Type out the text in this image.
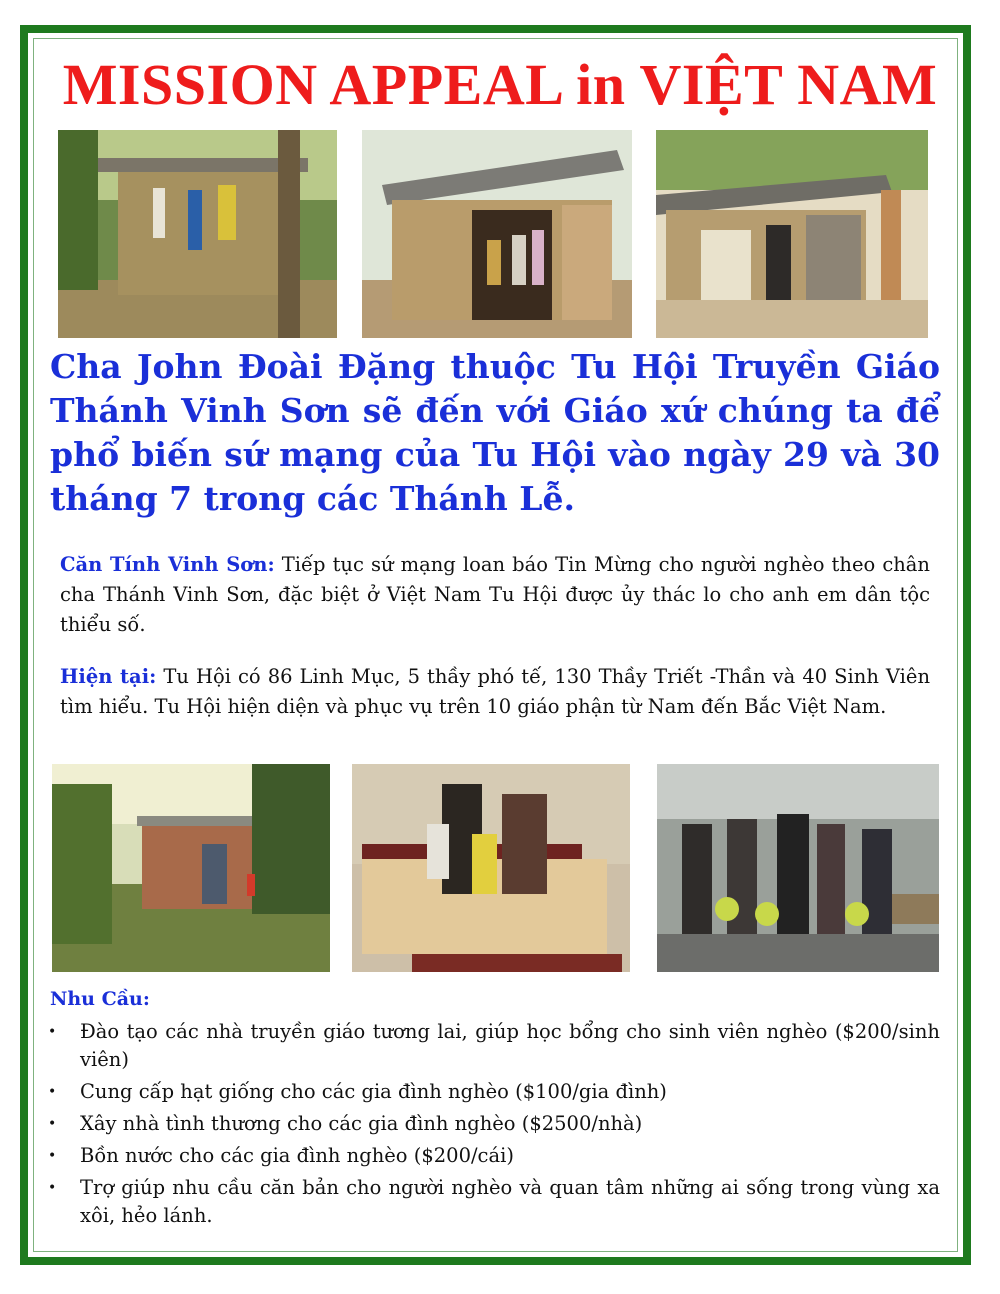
MISSION APPEAL in VIỆT NAM

Cha John Đoài Đặng thuộc Tu Hội Truyền Giáo Thánh Vinh Sơn sẽ đến với Giáo xứ chúng ta để phổ biến sứ mạng của Tu Hội vào ngày 29 và 30 tháng 7 trong các Thánh Lễ.

Căn Tính Vinh Sơn: Tiếp tục sứ mạng loan báo Tin Mừng cho người nghèo theo chân cha Thánh Vinh Sơn, đặc biệt ở Việt Nam Tu Hội được ủy thác lo cho anh em dân tộc thiểu số.

Hiện tại: Tu Hội có 86 Linh Mục, 5 thầy phó tế, 130 Thầy Triết -Thần và 40 Sinh Viên tìm hiểu. Tu Hội hiện diện và phục vụ trên 10 giáo phận từ Nam đến Bắc Việt Nam.

Nhu Cầu:
• Đào tạo các nhà truyền giáo tương lai, giúp học bổng cho sinh viên nghèo ($200/sinh viên)
• Cung cấp hạt giống cho các gia đình nghèo ($100/gia đình)
• Xây nhà tình thương cho các gia đình nghèo ($2500/nhà)
• Bồn nước cho các gia đình nghèo ($200/cái)
• Trợ giúp nhu cầu căn bản cho người nghèo và quan tâm những ai sống trong vùng xa xôi, hẻo lánh.
